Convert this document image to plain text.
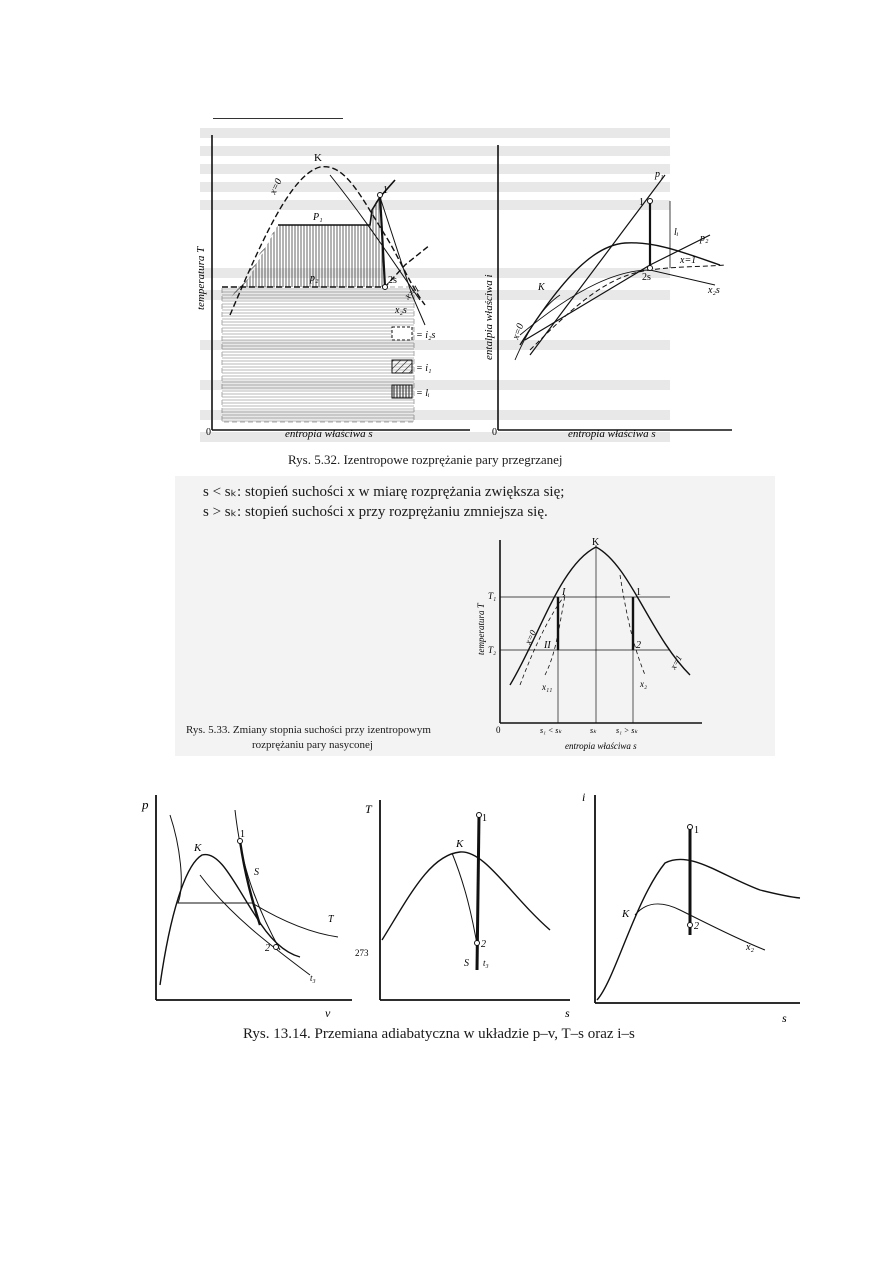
K
x=0
P₁
1
p₂	2s
x=1
x₂s
temperatura T
entropia właściwa s
0
= i₂s
= i₁
= lᵢ
p₁
1
lᵢ
p₂
x=1
2s
x₂s
K
x=0
entalpia właściwa i
entropia właściwa s
0
Rys. 5.32. Izentropowe rozprężanie pary przegrzanej
s < sₖ: stopień suchości x w miarę rozprężania zwiększa się;
s > sₖ: stopień suchości x przy rozprężaniu zmniejsza się.
K
T₁
T₂
I
II
1
2
x=0
x=1
x₁₁	x₂
temperatura T
0	s₁ < sₖ	sₖ s₁ > sₖ
entropia właściwa s
Rys. 5.33. Zmiany stopnia suchości przy izentropowym
rozprężaniu pary nasyconej
p
v
K
1
S
T
2
t₃
T
s
K
1
2
273
S t₃
i
s
K
1
2
x₂
Rys. 13.14. Przemiana adiabatyczna w układzie p–v, T–s oraz i–s
